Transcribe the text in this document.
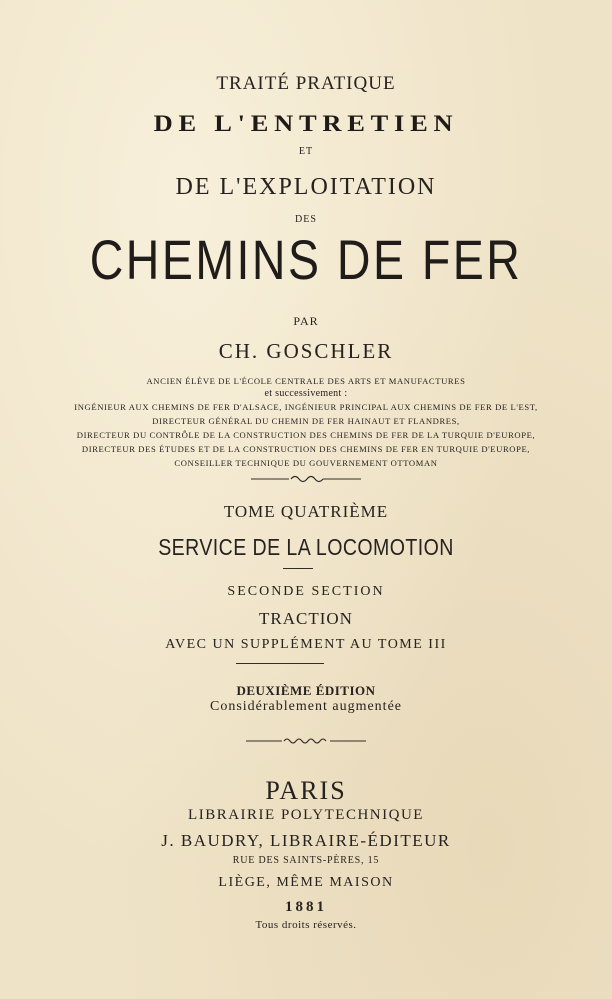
TRAITÉ PRATIQUE
DE L'ENTRETIEN
ET
DE L'EXPLOITATION
DES
CHEMINS DE FER
PAR
CH. GOSCHLER
ANCIEN ÉLÈVE DE L'ÉCOLE CENTRALE DES ARTS ET MANUFACTURES
et successivement :
INGÉNIEUR AUX CHEMINS DE FER D'ALSACE, INGÉNIEUR PRINCIPAL AUX CHEMINS DE FER DE L'EST,
DIRECTEUR GÉNÉRAL DU CHEMIN DE FER HAINAUT ET FLANDRES,
DIRECTEUR DU CONTRÔLE DE LA CONSTRUCTION DES CHEMINS DE FER DE LA TURQUIE D'EUROPE,
DIRECTEUR DES ÉTUDES ET DE LA CONSTRUCTION DES CHEMINS DE FER EN TURQUIE D'EUROPE,
CONSEILLER TECHNIQUE DU GOUVERNEMENT OTTOMAN
TOME QUATRIÈME
SERVICE DE LA LOCOMOTION
SECONDE SECTION
TRACTION
AVEC UN SUPPLÉMENT AU TOME III
DEUXIÈME ÉDITION
Considérablement augmentée
PARIS
LIBRAIRIE POLYTECHNIQUE
J. BAUDRY, LIBRAIRE-ÉDITEUR
RUE DES SAINTS-PÈRES, 15
LIÈGE, MÊME MAISON
1881
Tous droits réservés.
